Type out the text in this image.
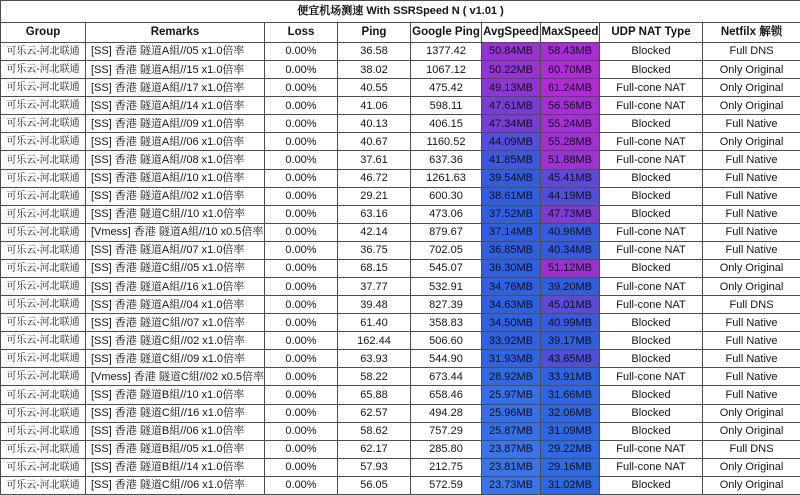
便宜机场测速 With SSRSpeed N ( v1.01 )								
Group	Remarks	Loss	Ping	Google Ping	AvgSpeed	MaxSpeed	UDP NAT Type	Netfilx 解锁
可乐云-河北联通	[SS] 香港 隧道A組//05 x1.0倍率	0.00%	36.58	1377.42	50.84MB	58.43MB	Blocked	Full DNS
可乐云-河北联通	[SS] 香港 隧道A組//15 x1.0倍率	0.00%	38.02	1067.12	50.22MB	60.70MB	Blocked	Only Original
可乐云-河北联通	[SS] 香港 隧道A組//17 x1.0倍率	0.00%	40.55	475.42	49.13MB	61.24MB	Full-cone NAT	Only Original
可乐云-河北联通	[SS] 香港 隧道A組//14 x1.0倍率	0.00%	41.06	598.11	47.61MB	56.56MB	Full-cone NAT	Only Original
可乐云-河北联通	[SS] 香港 隧道A組//09 x1.0倍率	0.00%	40.13	406.15	47.34MB	55.24MB	Blocked	Full Native
可乐云-河北联通	[SS] 香港 隧道A組//06 x1.0倍率	0.00%	40.67	1160.52	44.09MB	55.28MB	Full-cone NAT	Only Original
可乐云-河北联通	[SS] 香港 隧道A組//08 x1.0倍率	0.00%	37.61	637.36	41.85MB	51.88MB	Full-cone NAT	Full Native
可乐云-河北联通	[SS] 香港 隧道A組//10 x1.0倍率	0.00%	46.72	1261.63	39.54MB	45.41MB	Blocked	Full Native
可乐云-河北联通	[SS] 香港 隧道A組//02 x1.0倍率	0.00%	29.21	600.30	38.61MB	44.19MB	Blocked	Full Native
可乐云-河北联通	[SS] 香港 隧道C組//10 x1.0倍率	0.00%	63.16	473.06	37.52MB	47.73MB	Blocked	Full Native
可乐云-河北联通	[Vmess] 香港 隧道A組//10 x0.5倍率	0.00%	42.14	879.67	37.14MB	40.96MB	Full-cone NAT	Full Native
可乐云-河北联通	[SS] 香港 隧道A組//07 x1.0倍率	0.00%	36.75	702.05	36.85MB	40.34MB	Full-cone NAT	Full Native
可乐云-河北联通	[SS] 香港 隧道C組//05 x1.0倍率	0.00%	68.15	545.07	36.30MB	51.12MB	Blocked	Only Original
可乐云-河北联通	[SS] 香港 隧道A組//16 x1.0倍率	0.00%	37.77	532.91	34.76MB	39.20MB	Full-cone NAT	Only Original
可乐云-河北联通	[SS] 香港 隧道A組//04 x1.0倍率	0.00%	39.48	827.39	34.63MB	45.01MB	Full-cone NAT	Full DNS
可乐云-河北联通	[SS] 香港 隧道C組//07 x1.0倍率	0.00%	61.40	358.83	34.50MB	40.99MB	Blocked	Full Native
可乐云-河北联通	[SS] 香港 隧道C組//02 x1.0倍率	0.00%	162.44	506.60	33.92MB	39.17MB	Blocked	Full Native
可乐云-河北联通	[SS] 香港 隧道C組//09 x1.0倍率	0.00%	63.93	544.90	31.93MB	43.65MB	Blocked	Full Native
可乐云-河北联通	[Vmess] 香港 隧道C組//02 x0.5倍率	0.00%	58.22	673.44	28.92MB	33.91MB	Full-cone NAT	Full Native
可乐云-河北联通	[SS] 香港 隧道B組//10 x1.0倍率	0.00%	65.88	658.46	25.97MB	31.66MB	Blocked	Full Native
可乐云-河北联通	[SS] 香港 隧道C組//16 x1.0倍率	0.00%	62.57	494.28	25.96MB	32.06MB	Blocked	Only Original
可乐云-河北联通	[SS] 香港 隧道B組//06 x1.0倍率	0.00%	58.62	757.29	25.87MB	31.09MB	Blocked	Only Original
可乐云-河北联通	[SS] 香港 隧道B組//05 x1.0倍率	0.00%	62.17	285.80	23.87MB	29.22MB	Full-cone NAT	Full DNS
可乐云-河北联通	[SS] 香港 隧道B組//14 x1.0倍率	0.00%	57.93	212.75	23.81MB	29.16MB	Full-cone NAT	Only Original
可乐云-河北联通	[SS] 香港 隧道C組//06 x1.0倍率	0.00%	56.05	572.59	23.73MB	31.02MB	Blocked	Only Original
